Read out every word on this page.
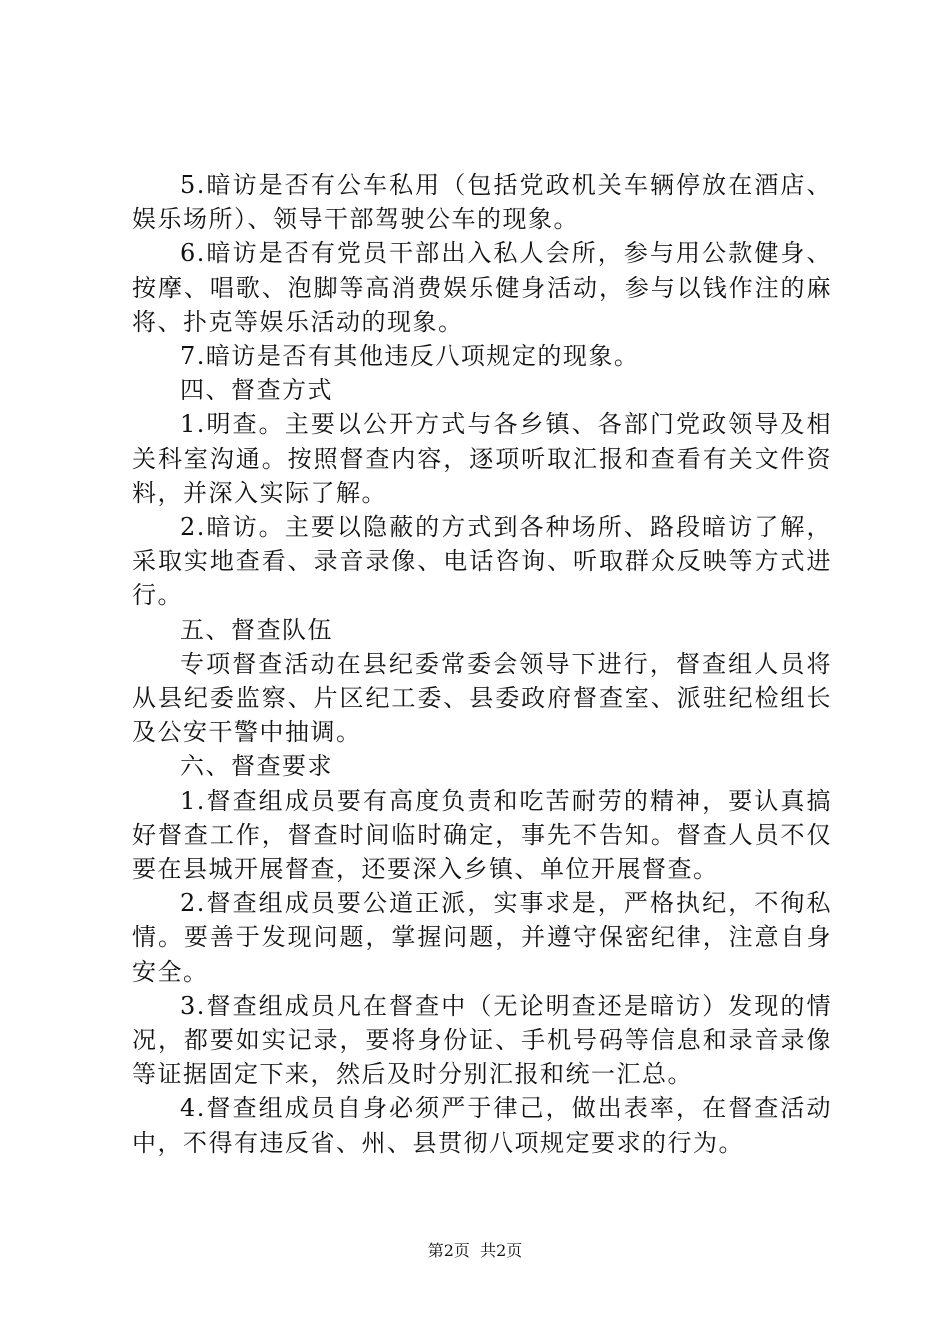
5.暗访是否有公车私用（包括党政机关车辆停放在酒店、娱乐场所）、领导干部驾驶公车的现象。

6.暗访是否有党员干部出入私人会所，参与用公款健身、按摩、唱歌、泡脚等高消费娱乐健身活动，参与以钱作注的麻将、扑克等娱乐活动的现象。

7.暗访是否有其他违反八项规定的现象。

四、督查方式

1.明查。主要以公开方式与各乡镇、各部门党政领导及相关科室沟通。按照督查内容，逐项听取汇报和查看有关文件资料，并深入实际了解。

2.暗访。主要以隐蔽的方式到各种场所、路段暗访了解，采取实地查看、录音录像、电话咨询、听取群众反映等方式进行。

五、督查队伍

专项督查活动在县纪委常委会领导下进行，督查组人员将从县纪委监察、片区纪工委、县委政府督查室、派驻纪检组长及公安干警中抽调。

六、督查要求

1.督查组成员要有高度负责和吃苦耐劳的精神，要认真搞好督查工作，督查时间临时确定，事先不告知。督查人员不仅要在县城开展督查，还要深入乡镇、单位开展督查。

2.督查组成员要公道正派，实事求是，严格执纪，不徇私情。要善于发现问题，掌握问题，并遵守保密纪律，注意自身安全。

3.督查组成员凡在督查中（无论明查还是暗访）发现的情况，都要如实记录，要将身份证、手机号码等信息和录音录像等证据固定下来，然后及时分别汇报和统一汇总。

4.督查组成员自身必须严于律己，做出表率，在督查活动中，不得有违反省、州、县贯彻八项规定要求的行为。

第2页  共2页
